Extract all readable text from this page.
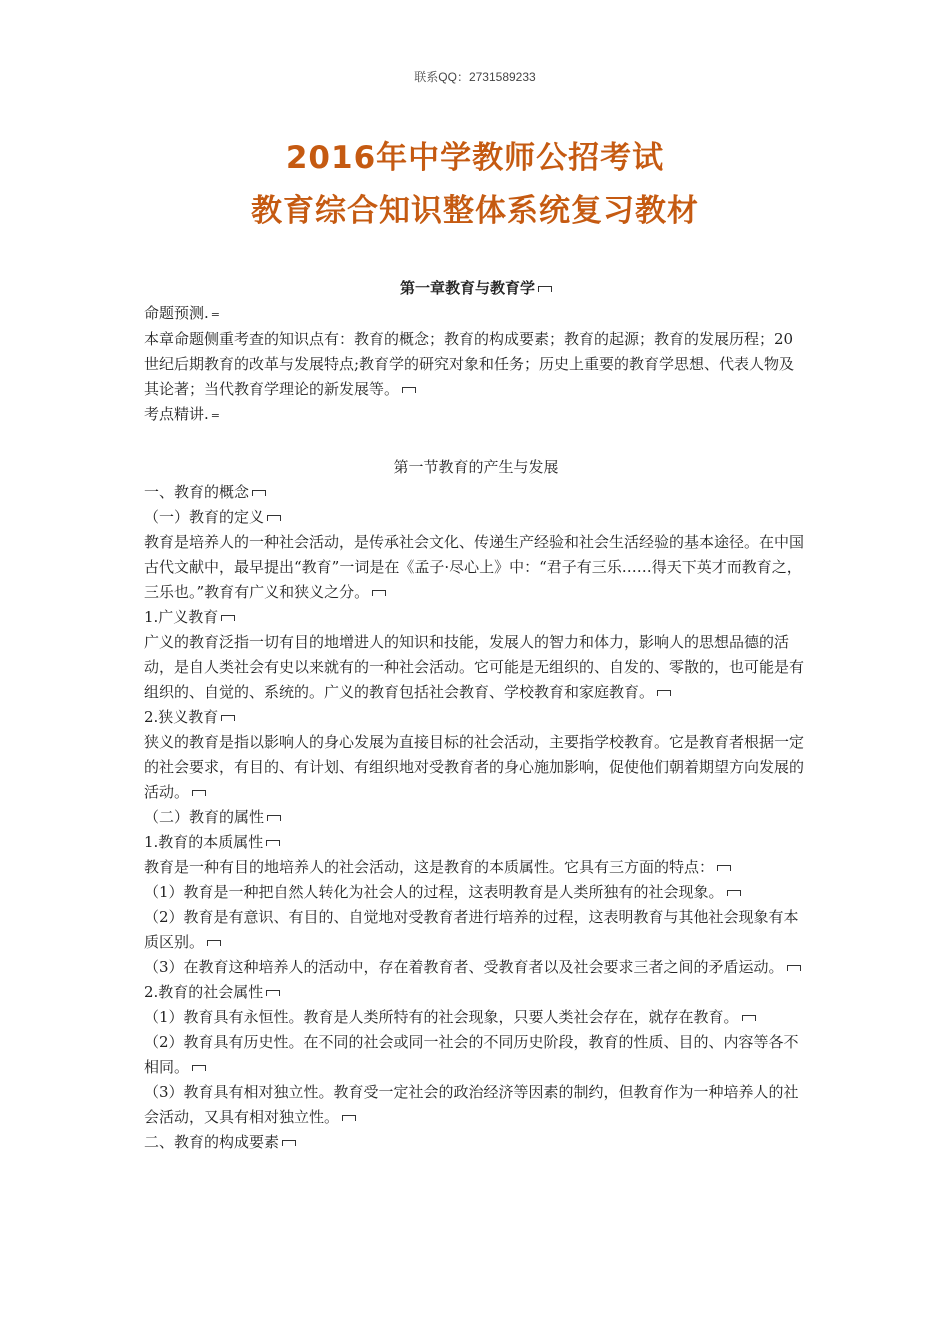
联系QQ：2731589233
2016年中学教师公招考试
教育综合知识整体系统复习教材

第一章教育与教育学

命题预测. =

本章命题侧重考查的知识点有：教育的概念；教育的构成要素；教育的起源；教育的发展历程；20世纪后期教育的改革与发展特点;教育学的研究对象和任务；历史上重要的教育学思想、代表人物及其论著；当代教育学理论的新发展等。

考点精讲. =

第一节教育的产生与发展

一、教育的概念

（一）教育的定义

教育是培养人的一种社会活动，是传承社会文化、传递生产经验和社会生活经验的基本途径。在中国古代文献中，最早提出“教育”一词是在《孟子·尽心上》中：“君子有三乐……得天下英才而教育之，三乐也。”教育有广义和狭义之分。

1.广义教育

广义的教育泛指一切有目的地增进人的知识和技能，发展人的智力和体力，影响人的思想品德的活动，是自人类社会有史以来就有的一种社会活动。它可能是无组织的、自发的、零散的，也可能是有组织的、自觉的、系统的。广义的教育包括社会教育、学校教育和家庭教育。

2.狭义教育

狭义的教育是指以影响人的身心发展为直接目标的社会活动，主要指学校教育。它是教育者根据一定的社会要求，有目的、有计划、有组织地对受教育者的身心施加影响，促使他们朝着期望方向发展的活动。

（二）教育的属性

1.教育的本质属性

教育是一种有目的地培养人的社会活动，这是教育的本质属性。它具有三方面的特点：

（1）教育是一种把自然人转化为社会人的过程，这表明教育是人类所独有的社会现象。

（2）教育是有意识、有目的、自觉地对受教育者进行培养的过程，这表明教育与其他社会现象有本质区别。

（3）在教育这种培养人的活动中，存在着教育者、受教育者以及社会要求三者之间的矛盾运动。

2.教育的社会属性

（1）教育具有永恒性。教育是人类所特有的社会现象，只要人类社会存在，就存在教育。

（2）教育具有历史性。在不同的社会或同一社会的不同历史阶段，教育的性质、目的、内容等各不相同。

（3）教育具有相对独立性。教育受一定社会的政治经济等因素的制约，但教育作为一种培养人的社会活动，又具有相对独立性。

二、教育的构成要素
